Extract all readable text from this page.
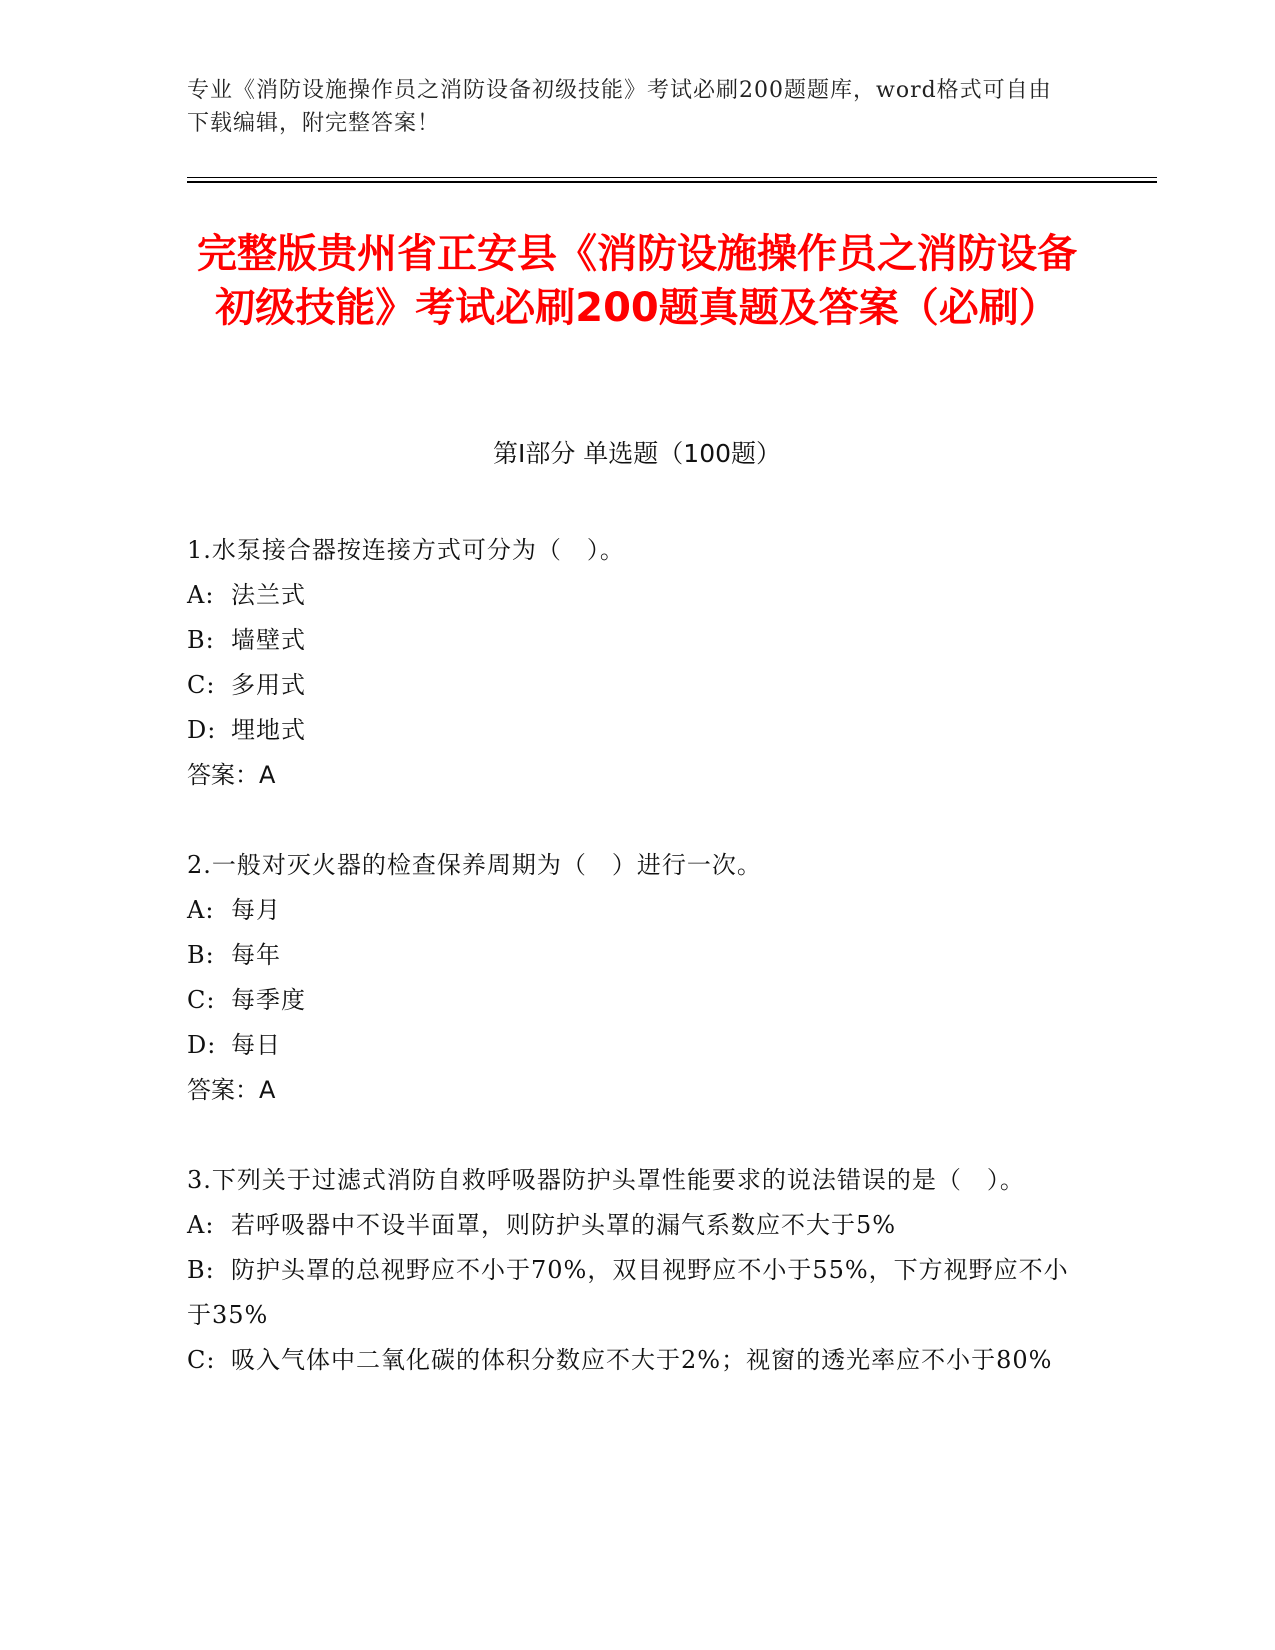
专业《消防设施操作员之消防设备初级技能》考试必刷200题题库，word格式可自由下载编辑，附完整答案！
完整版贵州省正安县《消防设施操作员之消防设备初级技能》考试必刷200题真题及答案（必刷）
第I部分 单选题（100题）

1.水泵接合器按连接方式可分为（　）。

A: 法兰式

B: 墙壁式

C: 多用式

D: 埋地式

答案：A

2.一般对灭火器的检查保养周期为（　）进行一次。

A: 每月

B: 每年

C: 每季度

D: 每日

答案：A

3.下列关于过滤式消防自救呼吸器防护头罩性能要求的说法错误的是（　）。

A: 若呼吸器中不设半面罩，则防护头罩的漏气系数应不大于5%

B: 防护头罩的总视野应不小于70%，双目视野应不小于55%，下方视野应不小于35%

C: 吸入气体中二氧化碳的体积分数应不大于2%；视窗的透光率应不小于80%
